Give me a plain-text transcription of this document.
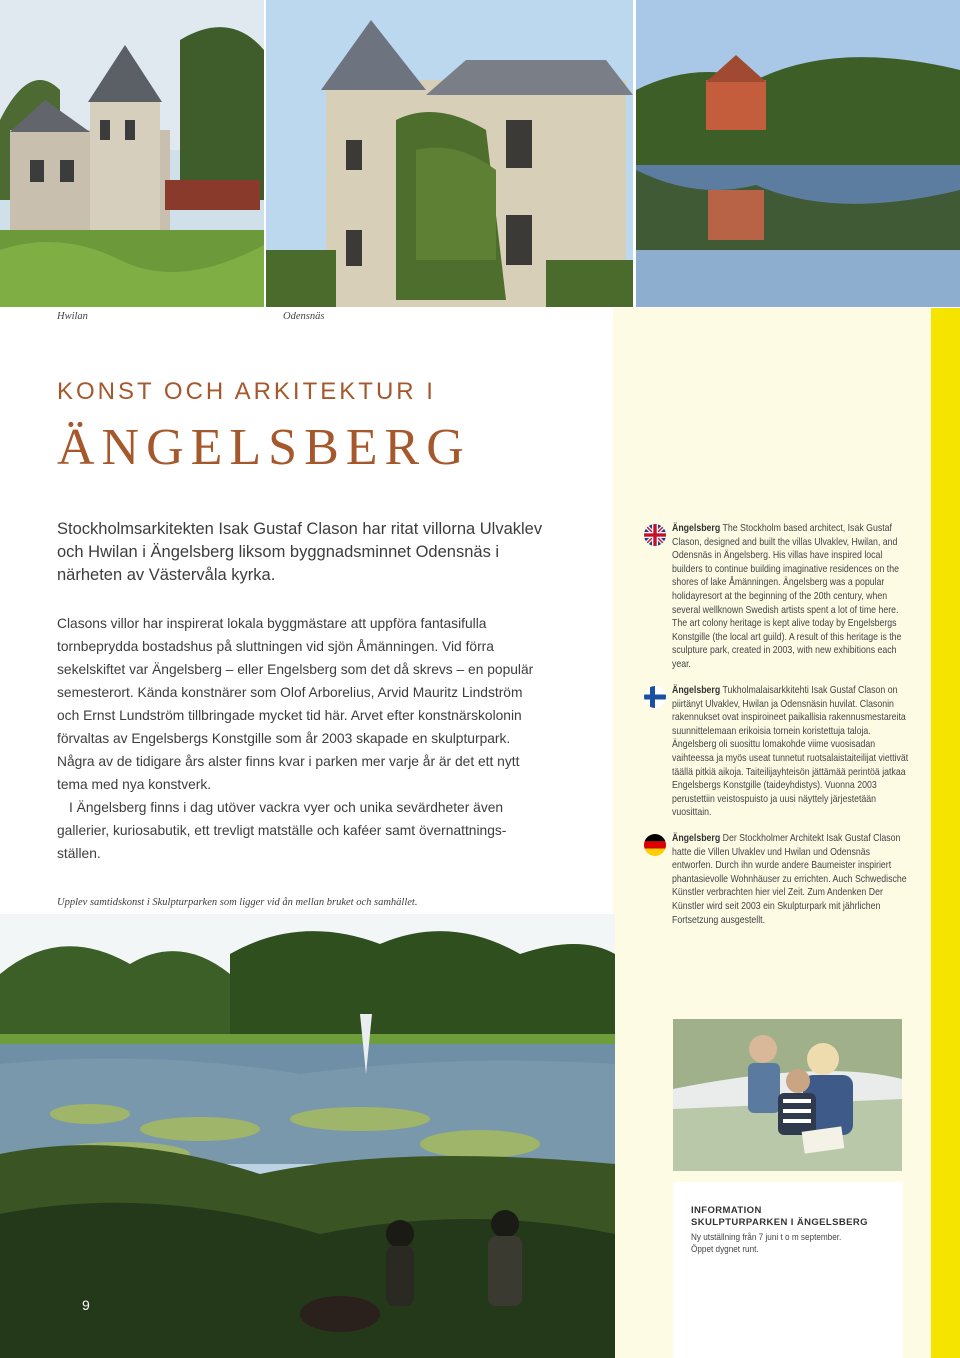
Hwilan	Odensnäs
KONST OCH ARKITEKTUR I
ÄNGELSBERG

Stockholmsarkitekten Isak Gustaf Clason har ritat villorna Ulvaklev och Hwilan i Ängelsberg liksom byggnadsminnet Odensnäs i närheten av Västervåla kyrka.

Clasons villor har inspirerat lokala byggmästare att uppföra fantasifulla tornbeprydda bostadshus på sluttningen vid sjön Åmänningen. Vid förra sekelskiftet var Ängelsberg – eller Engelsberg som det då skrevs – en populär semesterort. Kända konstnärer som Olof Arborelius, Arvid Mauritz Lindström och Ernst Lundström tillbringade mycket tid här. Arvet efter konstnärskolonin förvaltas av Engelsbergs Konstgille som år 2003 skapade en skulpturpark. Några av de tidigare års alster finns kvar i parken mer varje år är det ett nytt tema med nya konstverk.

I Ängelsberg finns i dag utöver vackra vyer och unika sevärdheter även gallerier, kuriosabutik, ett trevligt matställe och kaféer samt övernattningsställen.

Upplev samtidskonst i Skulpturparken som ligger vid ån mellan bruket och samhället.
Ängelsberg The Stockholm based architect, Isak Gustaf Clason, designed and built the villas Ulvaklev, Hwilan, and Odensnäs in Ängelsberg. His villas have inspired local builders to continue building imaginative residences on the shores of lake Åmänningen. Ängelsberg was a popular holidayresort at the beginning of the 20th century, when several wellknown Swedish artists spent a lot of time here. The art colony heritage is kept alive today by Engelsbergs Konstgille (the local art guild). A result of this heritage is the sculpture park, created in 2003, with new exhibitions each year.
Ängelsberg Tukholmalaisarkkitehti Isak Gustaf Clason on piirtänyt Ulvaklev, Hwilan ja Odensnäsin huvilat. Clasonin rakennukset ovat inspiroineet paikallisia rakennusmestareita suunnittelemaan erikoisia tornein koristettuja taloja. Ängelsberg oli suosittu lomakohde viime vuosisadan vaihteessa ja myös useat tunnetut ruotsalaistaiteilijat viettivät täällä pitkiä aikoja. Taiteilijayhteisön jättämää perintöä jatkaa Engelsbergs Konstgille (taideyhdistys). Vuonna 2003 perustettiin veistospuisto ja uusi näyttely järjestetään vuosittain.
Ängelsberg Der Stockholmer Architekt Isak Gustaf Clason hatte die Villen Ulvaklev und Hwilan und Odensnäs entworfen. Durch ihn wurde andere Baumeister inspiriert phantasievolle Wohnhäuser zu errichten. Auch Schwedische Künstler verbrachten hier viel Zeit. Zum Andenken Der Künstler wird seit 2003 ein Skulpturpark mit jährlichen Fortsetzung ausgestellt.
9
INFORMATION
SKULPTURPARKEN I ÄNGELSBERG
Ny utställning från 7 juni t o m september.
Öppet dygnet runt.
